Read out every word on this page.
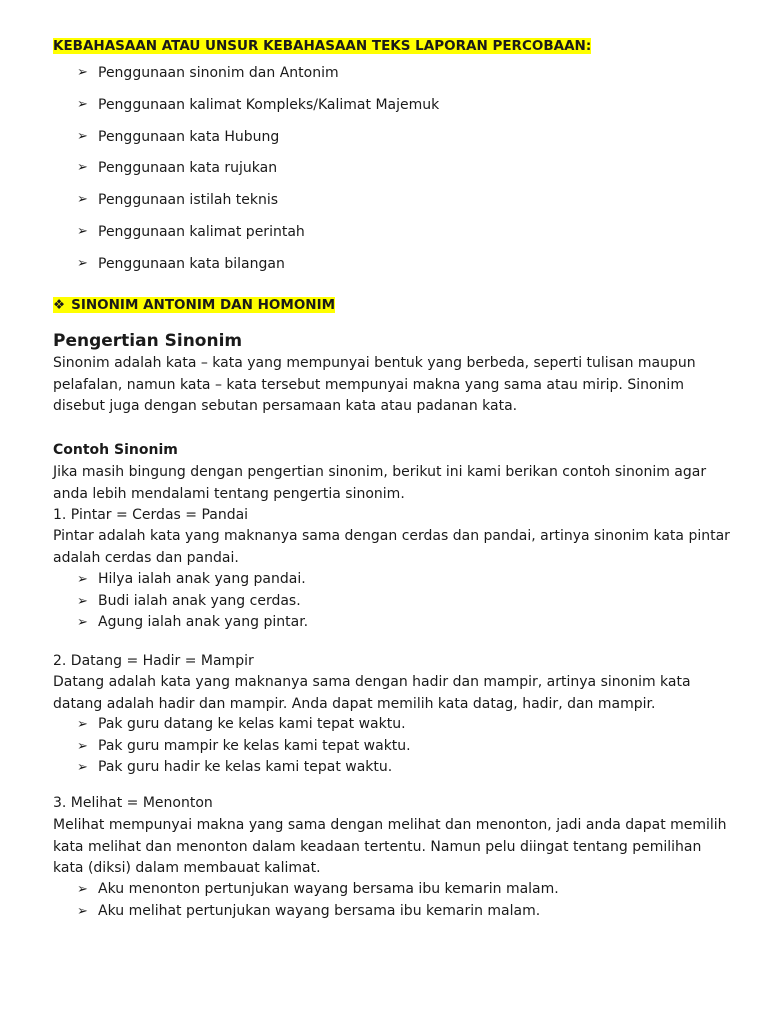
KEBAHASAAN ATAU UNSUR KEBAHASAAN TEKS LAPORAN PERCOBAAN:
➢ Penggunaan sinonim dan Antonim
➢ Penggunaan kalimat Kompleks/Kalimat Majemuk
➢ Penggunaan kata Hubung
➢ Penggunaan kata rujukan
➢ Penggunaan istilah teknis
➢ Penggunaan kalimat perintah
➢ Penggunaan kata bilangan
❖ SINONIM ANTONIM DAN HOMONIM
Pengertian Sinonim

Sinonim adalah kata – kata yang mempunyai bentuk yang berbeda, seperti tulisan maupun pelafalan, namun kata – kata tersebut mempunyai makna yang sama atau mirip. Sinonim disebut juga dengan sebutan persamaan kata atau padanan kata.

Contoh Sinonim

Jika masih bingung dengan pengertian sinonim, berikut ini kami berikan contoh sinonim agar anda lebih mendalami tentang pengertia sinonim.

1. Pintar = Cerdas = Pandai

Pintar adalah kata yang maknanya sama dengan cerdas dan pandai, artinya sinonim kata pintar adalah cerdas dan pandai.

➢ Hilya ialah anak yang pandai.
➢ Budi ialah anak yang cerdas.
➢ Agung ialah anak yang pintar.

2. Datang = Hadir = Mampir

Datang adalah kata yang maknanya sama dengan hadir dan mampir, artinya sinonim kata datang adalah hadir dan mampir. Anda dapat memilih kata datag, hadir, dan mampir.

➢ Pak guru datang ke kelas kami tepat waktu.
➢ Pak guru mampir ke kelas kami tepat waktu.
➢ Pak guru hadir ke kelas kami tepat waktu.

3. Melihat = Menonton

Melihat mempunyai makna yang sama dengan melihat dan menonton, jadi anda dapat memilih kata melihat dan menonton dalam keadaan tertentu. Namun pelu diingat tentang pemilihan kata (diksi) dalam membauat kalimat.

➢ Aku menonton pertunjukan wayang bersama ibu kemarin malam.
➢ Aku melihat pertunjukan wayang bersama ibu kemarin malam.
